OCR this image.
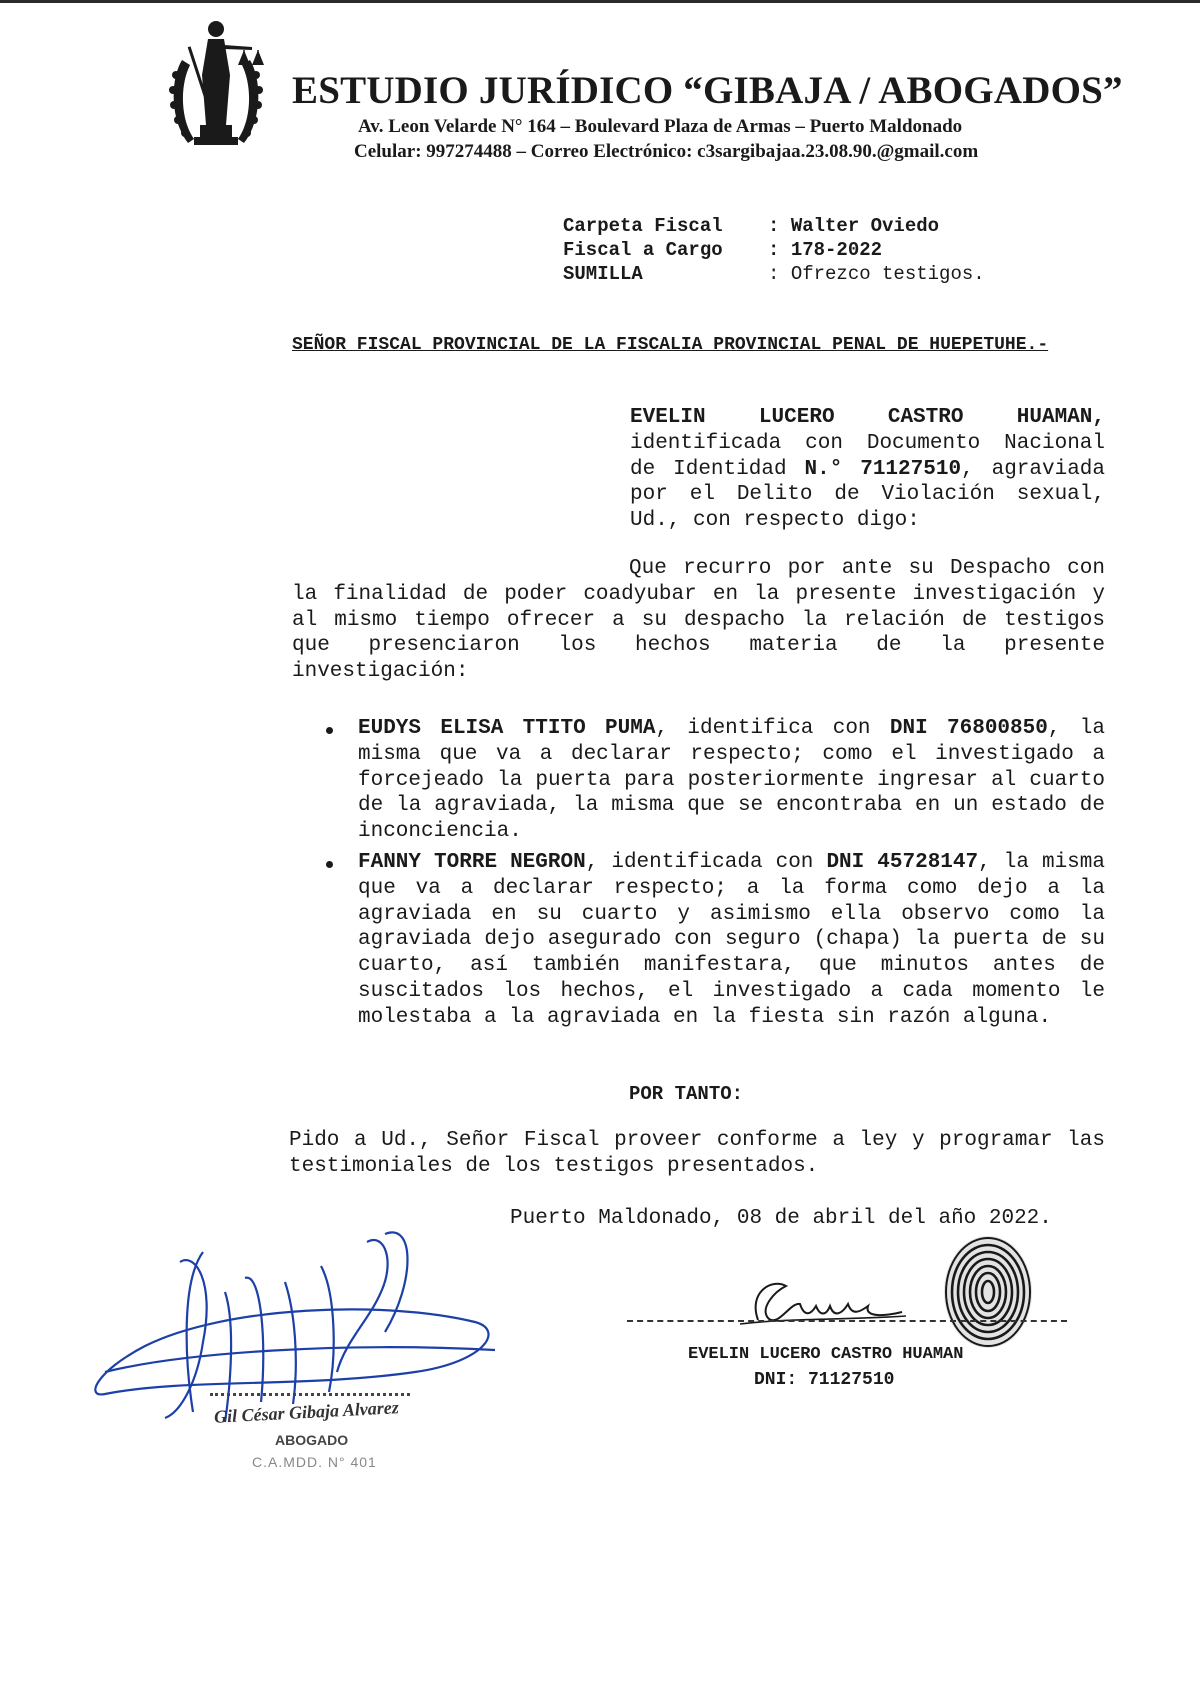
ESTUDIO JURÍDICO “GIBAJA / ABOGADOS”
Av. Leon Velarde N° 164 – Boulevard Plaza de Armas – Puerto Maldonado
Celular: 997274488 – Correo Electrónico: c3sargibajaa.23.08.90.@gmail.com
Carpeta Fiscal : Walter Oviedo
Fiscal a Cargo : 178-2022
SUMILLA	: Ofrezco testigos.
SEÑOR FISCAL PROVINCIAL DE LA FISCALIA PROVINCIAL PENAL DE HUEPETUHE.-
EVELIN LUCERO CASTRO HUAMAN,
identificada con Documento Nacional de Identidad N.° 71127510, agraviada por el Delito de Violación sexual, Ud., con respecto digo:
Que recurro por ante su Despacho con la finalidad de poder coadyubar en la presente investigación y al mismo tiempo ofrecer a su despacho la relación de testigos que presenciaron los hechos materia de la presente investigación:
EUDYS ELISA TTITO PUMA, identifica con DNI 76800850, la misma que va a declarar respecto; como el investigado a forcejeado la puerta para posteriormente ingresar al cuarto de la agraviada, la misma que se encontraba en un estado de inconciencia.
FANNY TORRE NEGRON, identificada con DNI 45728147, la misma que va a declarar respecto; a la forma como dejo a la agraviada en su cuarto y asimismo ella observo como la agraviada dejo asegurado con seguro (chapa) la puerta de su cuarto, así también manifestara, que minutos antes de suscitados los hechos, el investigado a cada momento le molestaba a la agraviada en la fiesta sin razón alguna.
POR TANTO:
Pido a Ud., Señor Fiscal proveer conforme a ley y programar las testimoniales de los testigos presentados.
Puerto Maldonado, 08 de abril del año 2022.
EVELIN LUCERO CASTRO HUAMAN
DNI: 71127510
Gil César Gibaja Alvarez
ABOGADO
C.A.MDD. N° 401
